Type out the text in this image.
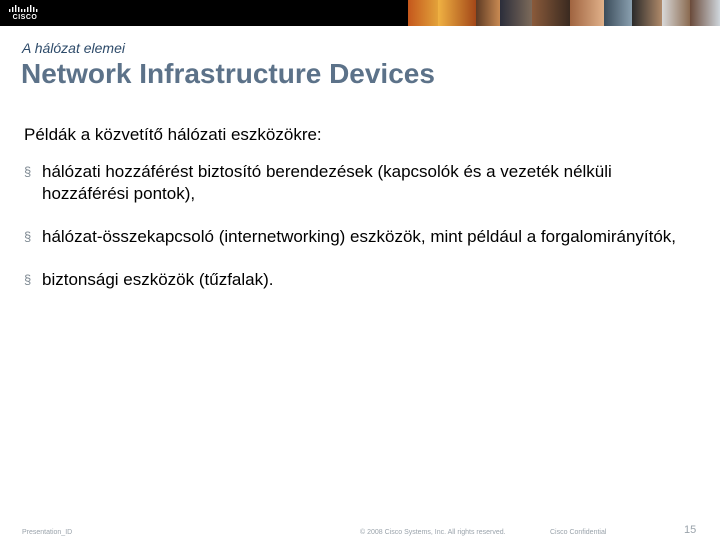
CISCO
A hálózat elemei
Network Infrastructure Devices
Példák a közvetítő hálózati eszközökre:
§ hálózati hozzáférést biztosító berendezések (kapcsolók és a vezeték nélküli hozzáférési pontok),
§ hálózat-összekapcsoló (internetworking) eszközök, mint például a forgalomirányítók,
§ biztonsági eszközök (tűzfalak).
Presentation_ID	© 2008 Cisco Systems, Inc. All rights reserved.	Cisco Confidential	15
